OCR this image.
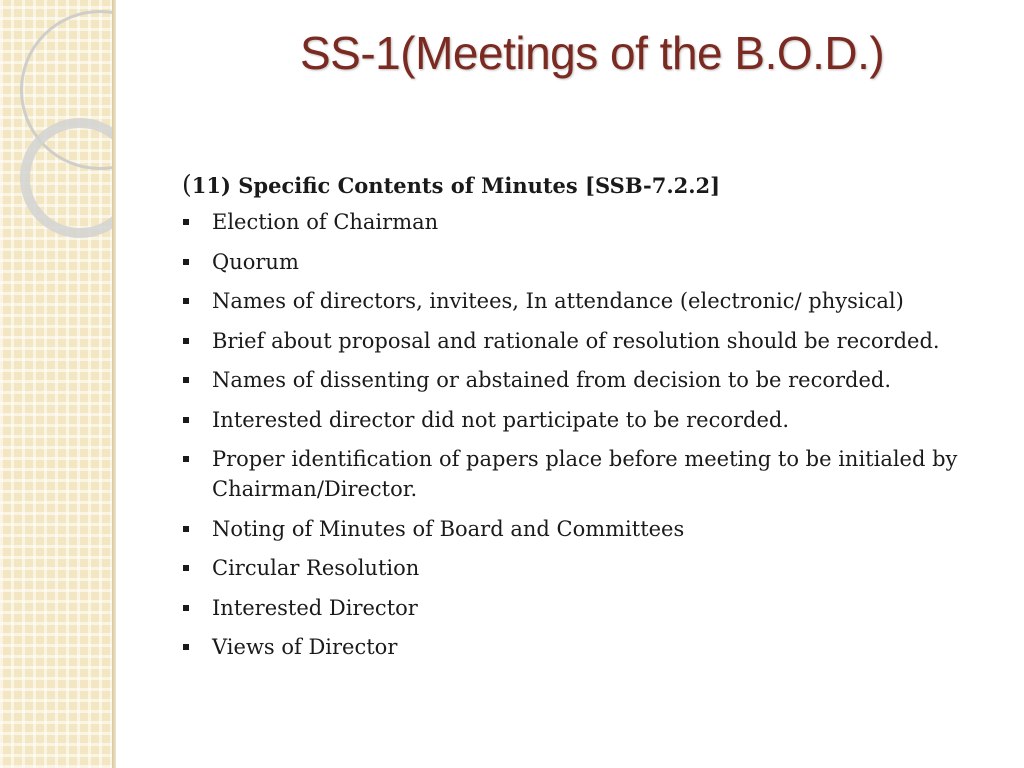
SS-1(Meetings of the B.O.D.)

(11) Specific Contents of Minutes [SSB-7.2.2]

Election of Chairman
Quorum
Names of directors, invitees, In attendance (electronic/ physical)
Brief about proposal and rationale of resolution should be recorded.
Names of dissenting or abstained from decision to be recorded.
Interested director did not participate to be recorded.
Proper identification of papers place before meeting to be initialed by Chairman/Director.
Noting of Minutes of Board and Committees
Circular Resolution
Interested Director
Views of Director
